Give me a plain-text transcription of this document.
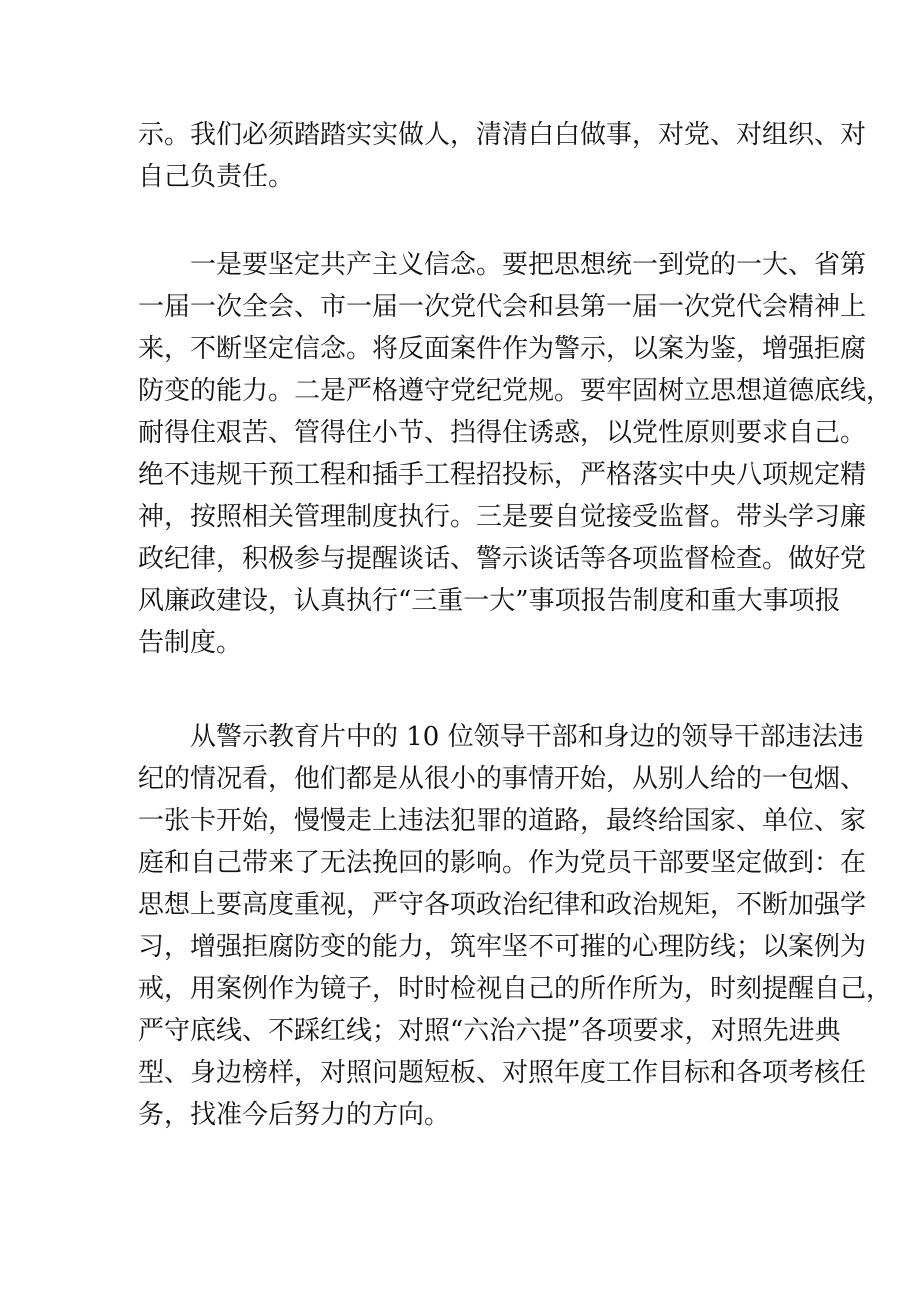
示。我们必须踏踏实实做人，清清白白做事，对党、对组织、对
自己负责任。
一是要坚定共产主义信念。要把思想统一到党的一大、省第
一届一次全会、市一届一次党代会和县第一届一次党代会精神上
来，不断坚定信念。将反面案件作为警示，以案为鉴，增强拒腐
防变的能力。二是严格遵守党纪党规。要牢固树立思想道德底线，
耐得住艰苦、管得住小节、挡得住诱惑，以党性原则要求自己。
绝不违规干预工程和插手工程招投标，严格落实中央八项规定精
神，按照相关管理制度执行。三是要自觉接受监督。带头学习廉
政纪律，积极参与提醒谈话、警示谈话等各项监督检查。做好党
风廉政建设，认真执行“三重一大”事项报告制度和重大事项报
告制度。
从警示教育片中的 10 位领导干部和身边的领导干部违法违
纪的情况看，他们都是从很小的事情开始，从别人给的一包烟、
一张卡开始，慢慢走上违法犯罪的道路，最终给国家、单位、家
庭和自己带来了无法挽回的影响。作为党员干部要坚定做到：在
思想上要高度重视，严守各项政治纪律和政治规矩，不断加强学
习，增强拒腐防变的能力，筑牢坚不可摧的心理防线；以案例为
戒，用案例作为镜子，时时检视自己的所作所为，时刻提醒自己，
严守底线、不踩红线；对照“六治六提”各项要求，对照先进典
型、身边榜样，对照问题短板、对照年度工作目标和各项考核任
务，找准今后努力的方向。
